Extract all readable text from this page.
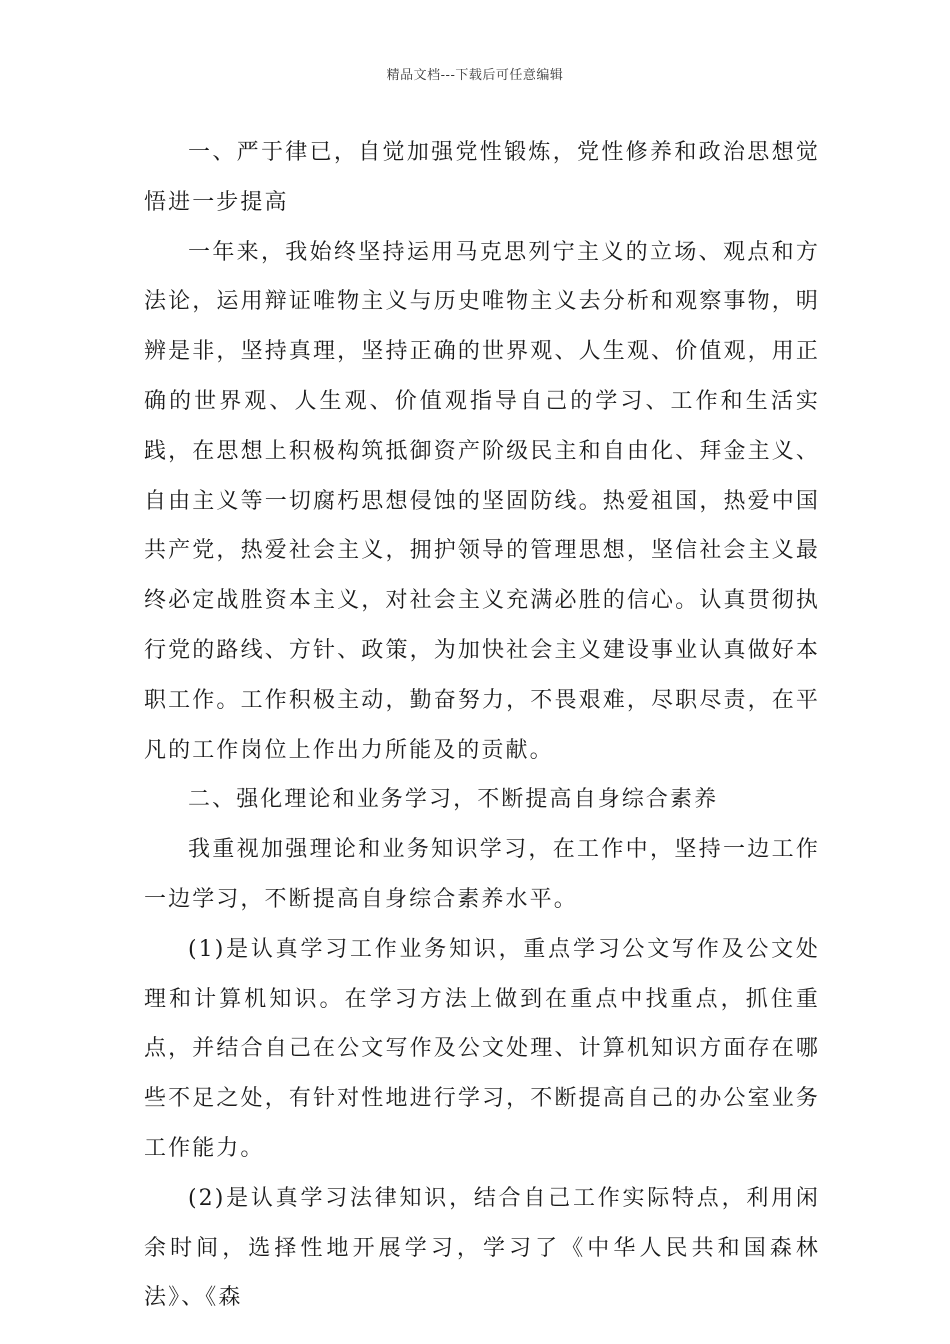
精品文档---下载后可任意编辑

一、严于律已，自觉加强党性锻炼，党性修养和政治思想觉悟进一步提高

一年来，我始终坚持运用马克思列宁主义的立场、观点和方法论，运用辩证唯物主义与历史唯物主义去分析和观察事物，明辨是非，坚持真理，坚持正确的世界观、人生观、价值观，用正确的世界观、人生观、价值观指导自己的学习、工作和生活实践，在思想上积极构筑抵御资产阶级民主和自由化、拜金主义、自由主义等一切腐朽思想侵蚀的坚固防线。热爱祖国，热爱中国共产党，热爱社会主义，拥护领导的管理思想，坚信社会主义最终必定战胜资本主义，对社会主义充满必胜的信心。认真贯彻执行党的路线、方针、政策，为加快社会主义建设事业认真做好本职工作。工作积极主动，勤奋努力，不畏艰难，尽职尽责，在平凡的工作岗位上作出力所能及的贡献。

二、强化理论和业务学习，不断提高自身综合素养

我重视加强理论和业务知识学习，在工作中，坚持一边工作一边学习，不断提高自身综合素养水平。

(1)是认真学习工作业务知识，重点学习公文写作及公文处理和计算机知识。在学习方法上做到在重点中找重点，抓住重点，并结合自己在公文写作及公文处理、计算机知识方面存在哪些不足之处，有针对性地进行学习，不断提高自己的办公室业务工作能力。

(2)是认真学习法律知识，结合自己工作实际特点，利用闲余时间，选择性地开展学习，学习了《中华人民共和国森林法》、《森
